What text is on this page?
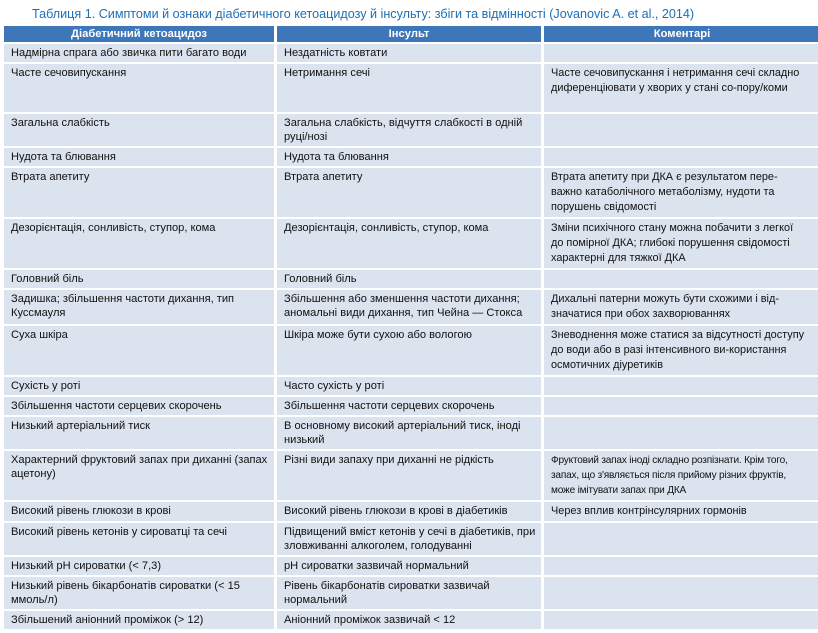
Таблиця 1. Симптоми й ознаки діабетичного кетоацидозу й інсульту: збіги та відмінності (Jovanovic A. et al., 2014)
Діабетичний кетоацидоз	Інсульт	Коментарі
Надмірна спрага або звичка пити багато води	Нездатність ковтати	
Часте сечовипускання	Нетримання сечі	Часте сечовипускання і нетримання сечі складно диференціювати у хворих у стані со-пору/коми
Загальна слабкість	Загальна слабкість, відчуття слабкості в одній руці/нозі	
Нудота та блювання	Нудота та блювання	
Втрата апетиту	Втрата апетиту	Втрата апетиту при ДКА є результатом пере-важно катаболічного метаболізму, нудоти та порушень свідомості
Дезорієнтація, сонливість, ступор, кома	Дезорієнтація, сонливість, ступор, кома	Зміни психічного стану можна побачити з легкої до помірної ДКА; глибокі порушення свідомості характерні для тяжкої ДКА
Головний біль	Головний біль	
Задишка; збільшення частоти дихання, тип Куссмауля	Збільшення або зменшення частоти дихання; аномальні види дихання, тип Чейна — Стокса	Дихальні патерни можуть бути схожими і від-значатися при обох захворюваннях
Суха шкіра	Шкіра може бути сухою або вологою	Зневоднення може статися за відсутності доступу до води або в разі інтенсивного ви-користання осмотичних діуретиків
Сухість у роті	Часто сухість у роті	
Збільшення частоти серцевих скорочень	Збільшення частоти серцевих скорочень	
Низький артеріальний тиск	В основному високий артеріальний тиск, іноді низький	
Характерний фруктовий запах при диханні (запах ацетону)	Різні види запаху при диханні не рідкість	Фруктовий запах іноді складно розпізнати. Крім того, запах, що з'являється після прийому різних фруктів, може імітувати запах при ДКА
Високий рівень глюкози в крові	Високий рівень глюкози в крові в діабетиків	Через вплив контрінсулярних гормонів
Високий рівень кетонів у сироватці та сечі	Підвищений вміст кетонів у сечі в діабетиків, при зловживанні алкоголем, голодуванні	
Низький pH сироватки (< 7,3)	pH сироватки зазвичай нормальний	
Низький рівень бікарбонатів сироватки (< 15 ммоль/л)	Рівень бікарбонатів сироватки зазвичай нормальний	
Збільшений аніонний проміжок (> 12)	Аніонний проміжок зазвичай < 12	
